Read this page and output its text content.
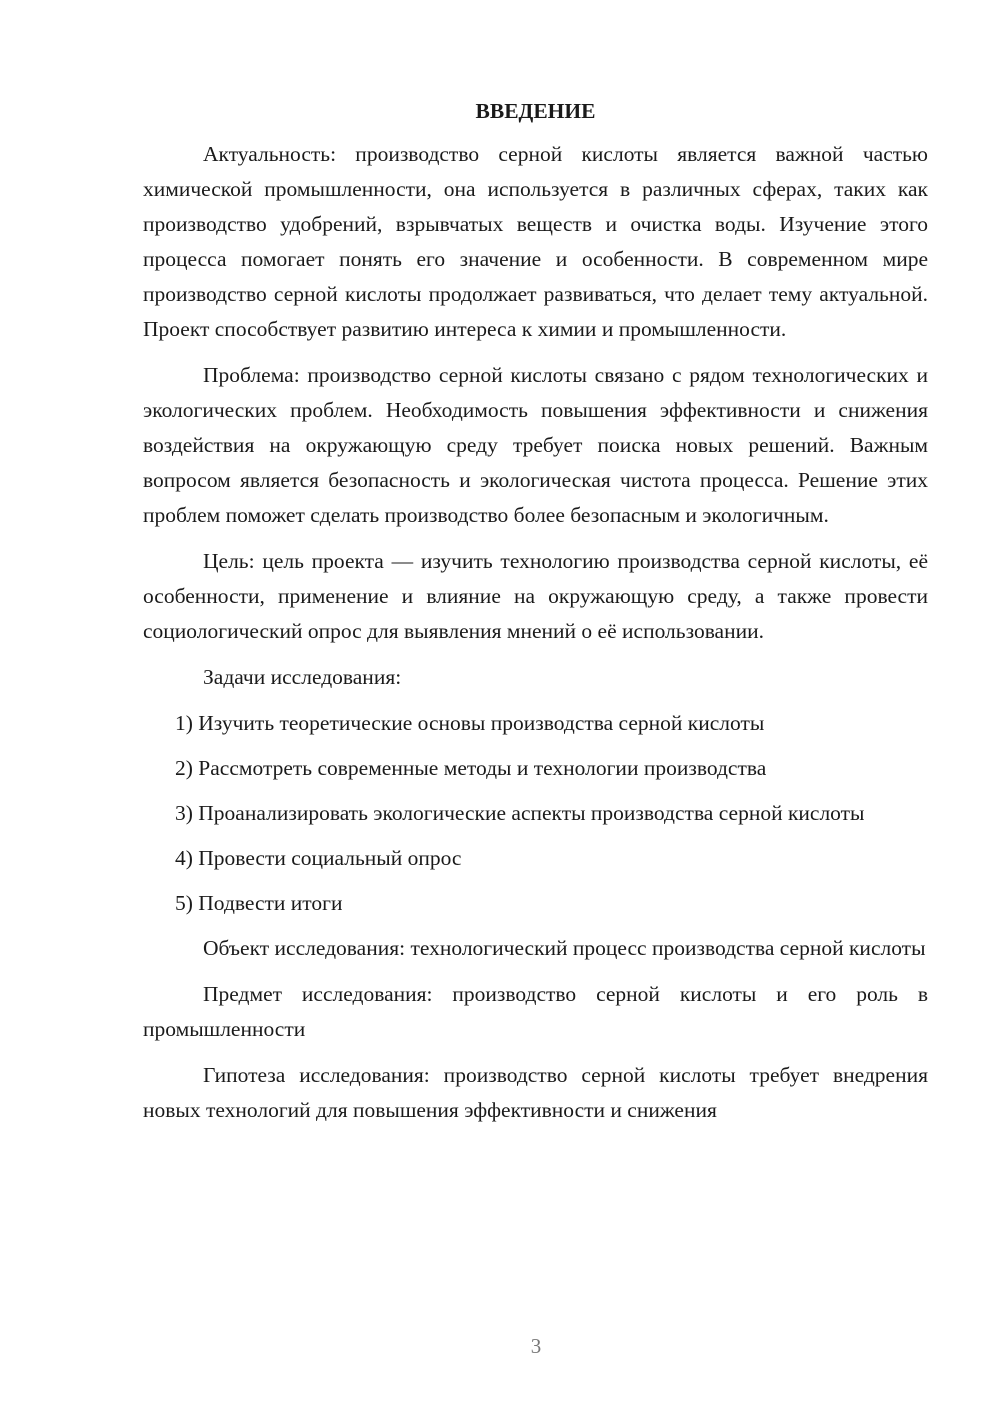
ВВЕДЕНИЕ

Актуальность: производство серной кислоты является важной частью химической промышленности, она используется в различных сферах, таких как производство удобрений, взрывчатых веществ и очистка воды. Изучение этого процесса помогает понять его значение и особенности. В современном мире производство серной кислоты продолжает развиваться, что делает тему актуальной. Проект способствует развитию интереса к химии и промышленности.

Проблема: производство серной кислоты связано с рядом технологических и экологических проблем. Необходимость повышения эффективности и снижения воздействия на окружающую среду требует поиска новых решений. Важным вопросом является безопасность и экологическая чистота процесса. Решение этих проблем поможет сделать производство более безопасным и экологичным.

Цель: цель проекта — изучить технологию производства серной кислоты, её особенности, применение и влияние на окружающую среду, а также провести социологический опрос для выявления мнений о её использовании.

Задачи исследования:

1) Изучить теоретические основы производства серной кислоты

2) Рассмотреть современные методы и технологии производства

3) Проанализировать экологические аспекты производства серной кислоты

4) Провести социальный опрос

5) Подвести итоги

Объект исследования: технологический процесс производства серной кислоты

Предмет исследования: производство серной кислоты и его роль в промышленности

Гипотеза исследования: производство серной кислоты требует внедрения новых технологий для повышения эффективности и снижения

3
